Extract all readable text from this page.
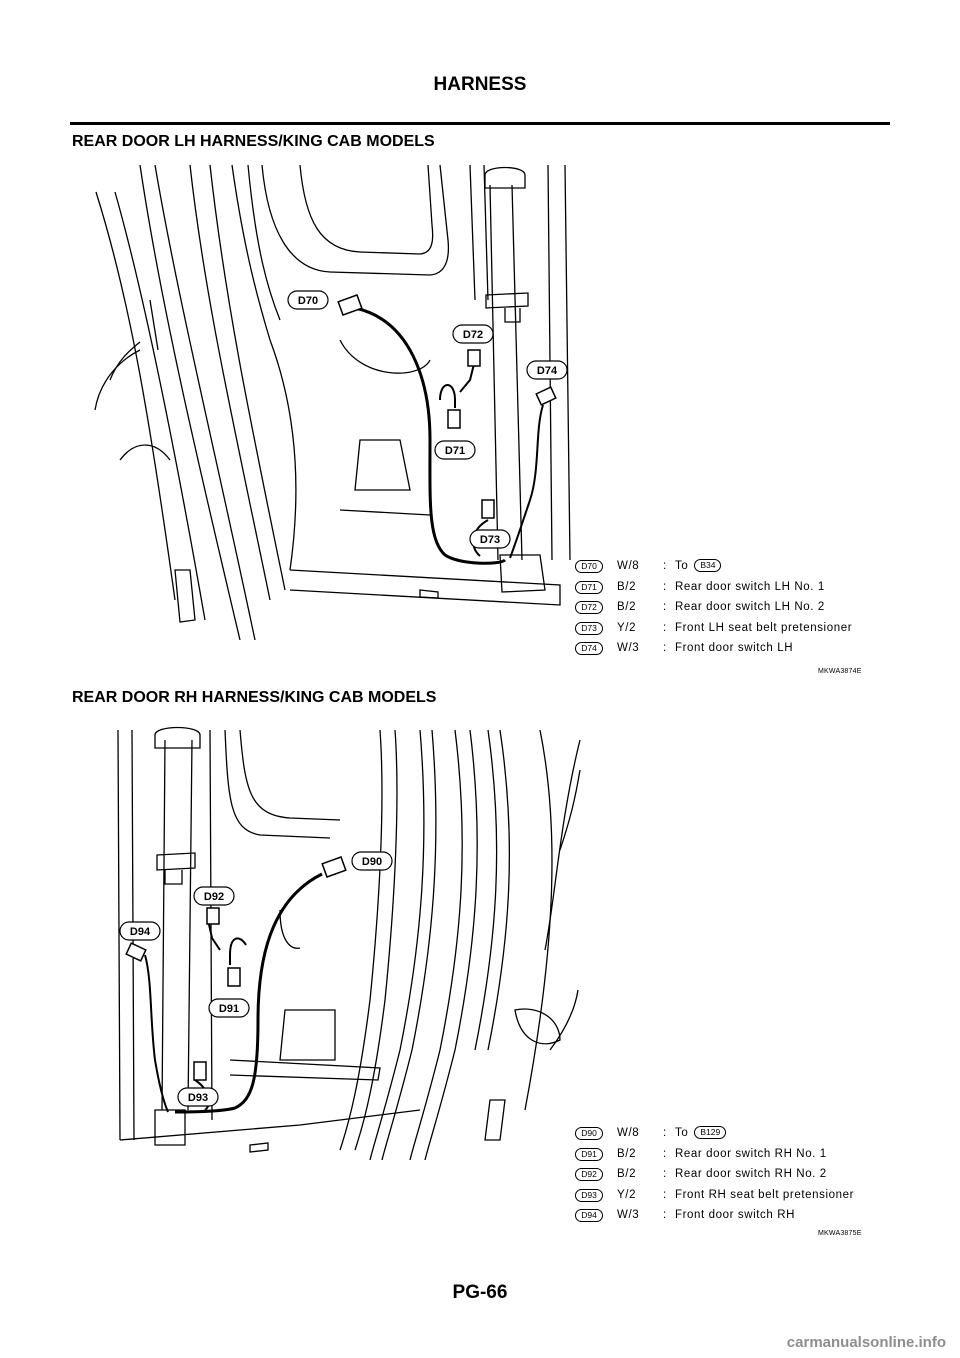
HARNESS
REAR DOOR LH HARNESS/KING CAB MODELS
D70
D72
D74
D71
D73
D70	W/8 : To B34
D71	B/2 : Rear door switch LH No. 1
D72	B/2 : Rear door switch LH No. 2
D73	Y/2 : Front LH seat belt pretensioner
D74	W/3 : Front door switch LH
MKWA3874E
REAR DOOR RH HARNESS/KING CAB MODELS
D90
D92
D94
D91
D93
D90	W/8 : To B129
D91	B/2 : Rear door switch RH No. 1
D92	B/2 : Rear door switch RH No. 2
D93	Y/2 : Front RH seat belt pretensioner
D94	W/3 : Front door switch RH
MKWA3875E
PG-66
carmanualsonline.info
